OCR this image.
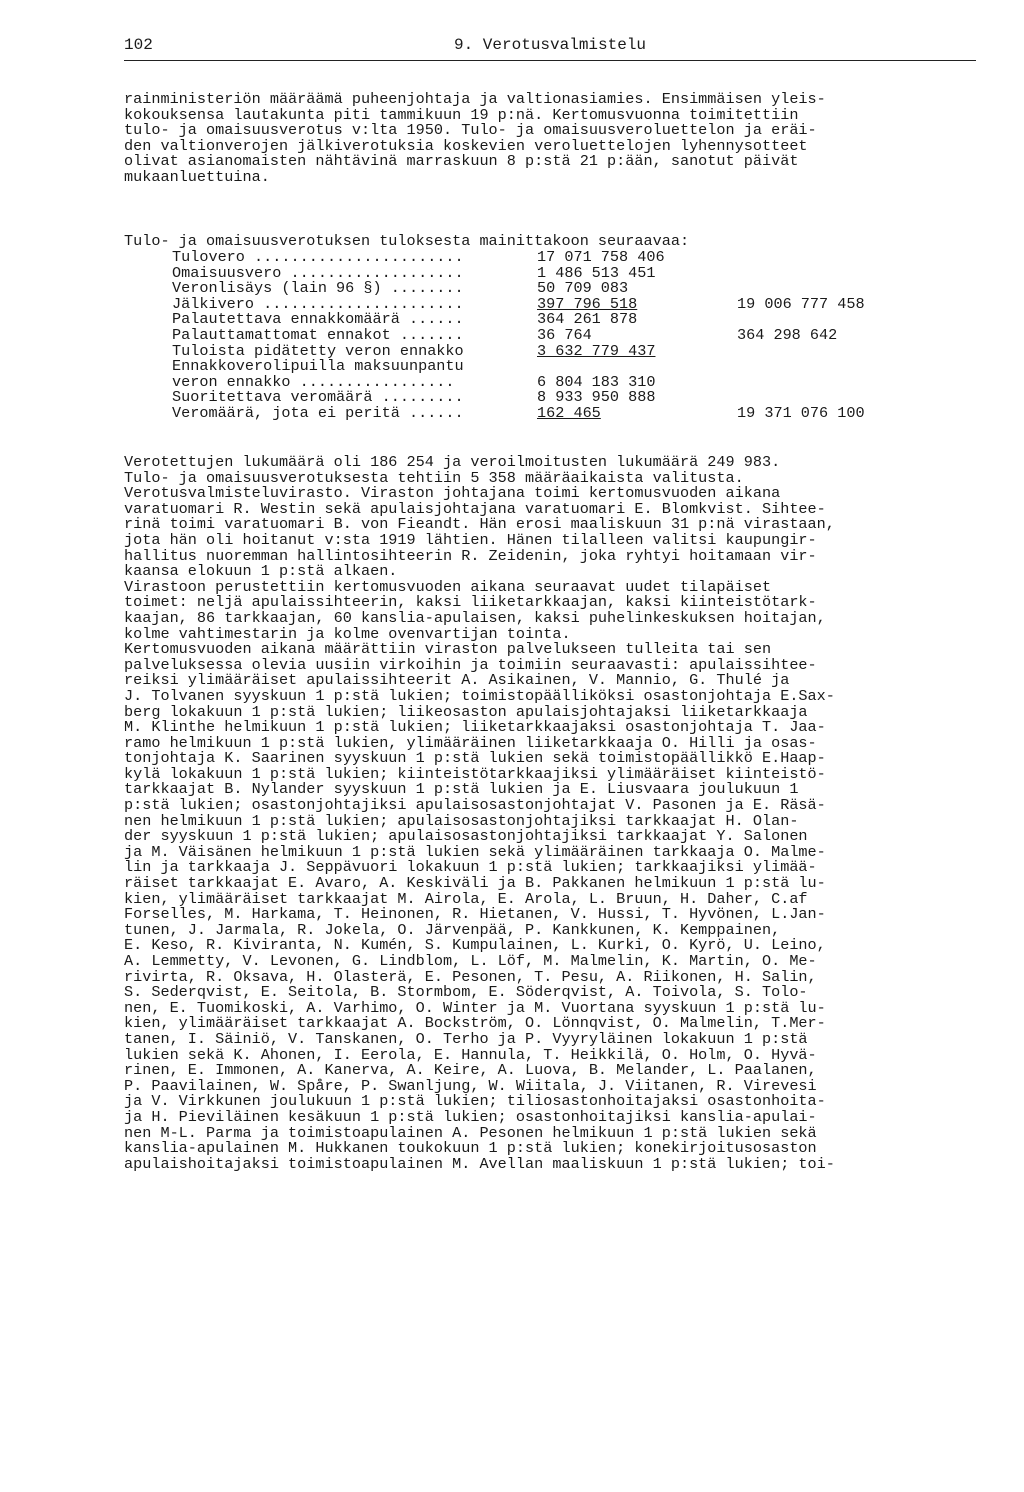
102	9. Verotusvalmistelu
rainministeriön määräämä puheenjohtaja ja valtionasiamies. Ensimmäisen yleis-
kokouksensa lautakunta piti tammikuun 19 p:nä. Kertomusvuonna toimitettiin
tulo- ja omaisuusverotus v:lta 1950. Tulo- ja omaisuusveroluettelon ja eräi-
den valtionverojen jälkiverotuksia koskevien veroluettelojen lyhennysotteet
olivat asianomaisten nähtävinä marraskuun 8 p:stä 21 p:ään, sanotut päivät
mukaanluettuina.
Tulo- ja omaisuusverotuksen tuloksesta mainittakoon seuraavaa:
Tulovero .......................	17 071 758 406
Omaisuusvero ...................	1 486 513 451
Veronlisäys (lain 96 §) ........	50 709 083
Jälkivero ......................	397 796 518	19 006 777 458
Palautettava ennakkomäärä ......	364 261 878
Palauttamattomat ennakot .......	36 764	364 298 642
Tuloista pidätetty veron ennakko	3 632 779 437
Ennakkoverolipuilla maksuunpantu
veron ennakko .................	6 804 183 310
Suoritettava veromäärä .........	8 933 950 888
Veromäärä, jota ei peritä ......	162 465	19 371 076 100
Verotettujen lukumäärä oli 186 254 ja veroilmoitusten lukumäärä 249 983.
Tulo- ja omaisuusverotuksesta tehtiin 5 358 määräaikaista valitusta.
Verotusvalmisteluvirasto. Viraston johtajana toimi kertomusvuoden aikana
varatuomari R. Westin sekä apulaisjohtajana varatuomari E. Blomkvist. Sihtee-
rinä toimi varatuomari B. von Fieandt. Hän erosi maaliskuun 31 p:nä virastaan,
jota hän oli hoitanut v:sta 1919 lähtien. Hänen tilalleen valitsi kaupungir-
hallitus nuoremman hallintosihteerin R. Zeidenin, joka ryhtyi hoitamaan vir-
kaansa elokuun 1 p:stä alkaen.
Virastoon perustettiin kertomusvuoden aikana seuraavat uudet tilapäiset
toimet: neljä apulaissihteerin, kaksi liiketarkkaajan, kaksi kiinteistötark-
kaajan, 86 tarkkaajan, 60 kanslia-apulaisen, kaksi puhelinkeskuksen hoitajan,
kolme vahtimestarin ja kolme ovenvartijan tointa.
Kertomusvuoden aikana määrättiin viraston palvelukseen tulleita tai sen
palveluksessa olevia uusiin virkoihin ja toimiin seuraavasti: apulaissihtee-
reiksi ylimääräiset apulaissihteerit A. Asikainen, V. Mannio, G. Thulé ja
J. Tolvanen syyskuun 1 p:stä lukien; toimistopäälliköksi osastonjohtaja E.Sax-
berg lokakuun 1 p:stä lukien; liikeosaston apulaisjohtajaksi liiketarkkaaja
M. Klinthe helmikuun 1 p:stä lukien; liiketarkkaajaksi osastonjohtaja T. Jaa-
ramo helmikuun 1 p:stä lukien, ylimääräinen liiketarkkaaja O. Hilli ja osas-
tonjohtaja K. Saarinen syyskuun 1 p:stä lukien sekä toimistopäällikkö E.Haap-
kylä lokakuun 1 p:stä lukien; kiinteistötarkkaajiksi ylimääräiset kiinteistö-
tarkkaajat B. Nylander syyskuun 1 p:stä lukien ja E. Liusvaara joulukuun 1
p:stä lukien; osastonjohtajiksi apulaisosastonjohtajat V. Pasonen ja E. Räsä-
nen helmikuun 1 p:stä lukien; apulaisosastonjohtajiksi tarkkaajat H. Olan-
der syyskuun 1 p:stä lukien; apulaisosastonjohtajiksi tarkkaajat Y. Salonen
ja M. Väisänen helmikuun 1 p:stä lukien sekä ylimääräinen tarkkaaja O. Malme-
lin ja tarkkaaja J. Seppävuori lokakuun 1 p:stä lukien; tarkkaajiksi ylimää-
räiset tarkkaajat E. Avaro, A. Keskiväli ja B. Pakkanen helmikuun 1 p:stä lu-
kien, ylimääräiset tarkkaajat M. Airola, E. Arola, L. Bruun, H. Daher, C.af
Forselles, M. Harkama, T. Heinonen, R. Hietanen, V. Hussi, T. Hyvönen, L.Jan-
tunen, J. Jarmala, R. Jokela, O. Järvenpää, P. Kankkunen, K. Kemppainen,
E. Keso, R. Kiviranta, N. Kumén, S. Kumpulainen, L. Kurki, O. Kyrö, U. Leino,
A. Lemmetty, V. Levonen, G. Lindblom, L. Löf, M. Malmelin, K. Martin, O. Me-
rivirta, R. Oksava, H. Olasterä, E. Pesonen, T. Pesu, A. Riikonen, H. Salin,
S. Sederqvist, E. Seitola, B. Stormbom, E. Söderqvist, A. Toivola, S. Tolo-
nen, E. Tuomikoski, A. Varhimo, O. Winter ja M. Vuortana syyskuun 1 p:stä lu-
kien, ylimääräiset tarkkaajat A. Bockström, O. Lönnqvist, O. Malmelin, T.Mer-
tanen, I. Säiniö, V. Tanskanen, O. Terho ja P. Vyyryläinen lokakuun 1 p:stä
lukien sekä K. Ahonen, I. Eerola, E. Hannula, T. Heikkilä, O. Holm, O. Hyvä-
rinen, E. Immonen, A. Kanerva, A. Keire, A. Luova, B. Melander, L. Paalanen,
P. Paavilainen, W. Spåre, P. Swanljung, W. Wiitala, J. Viitanen, R. Virevesi
ja V. Virkkunen joulukuun 1 p:stä lukien; tiliosastonhoitajaksi osastonhoita-
ja H. Pieviläinen kesäkuun 1 p:stä lukien; osastonhoitajiksi kanslia-apulai-
nen M-L. Parma ja toimistoapulainen A. Pesonen helmikuun 1 p:stä lukien sekä
kanslia-apulainen M. Hukkanen toukokuun 1 p:stä lukien; konekirjoitusosaston
apulaishoitajaksi toimistoapulainen M. Avellan maaliskuun 1 p:stä lukien; toi-
